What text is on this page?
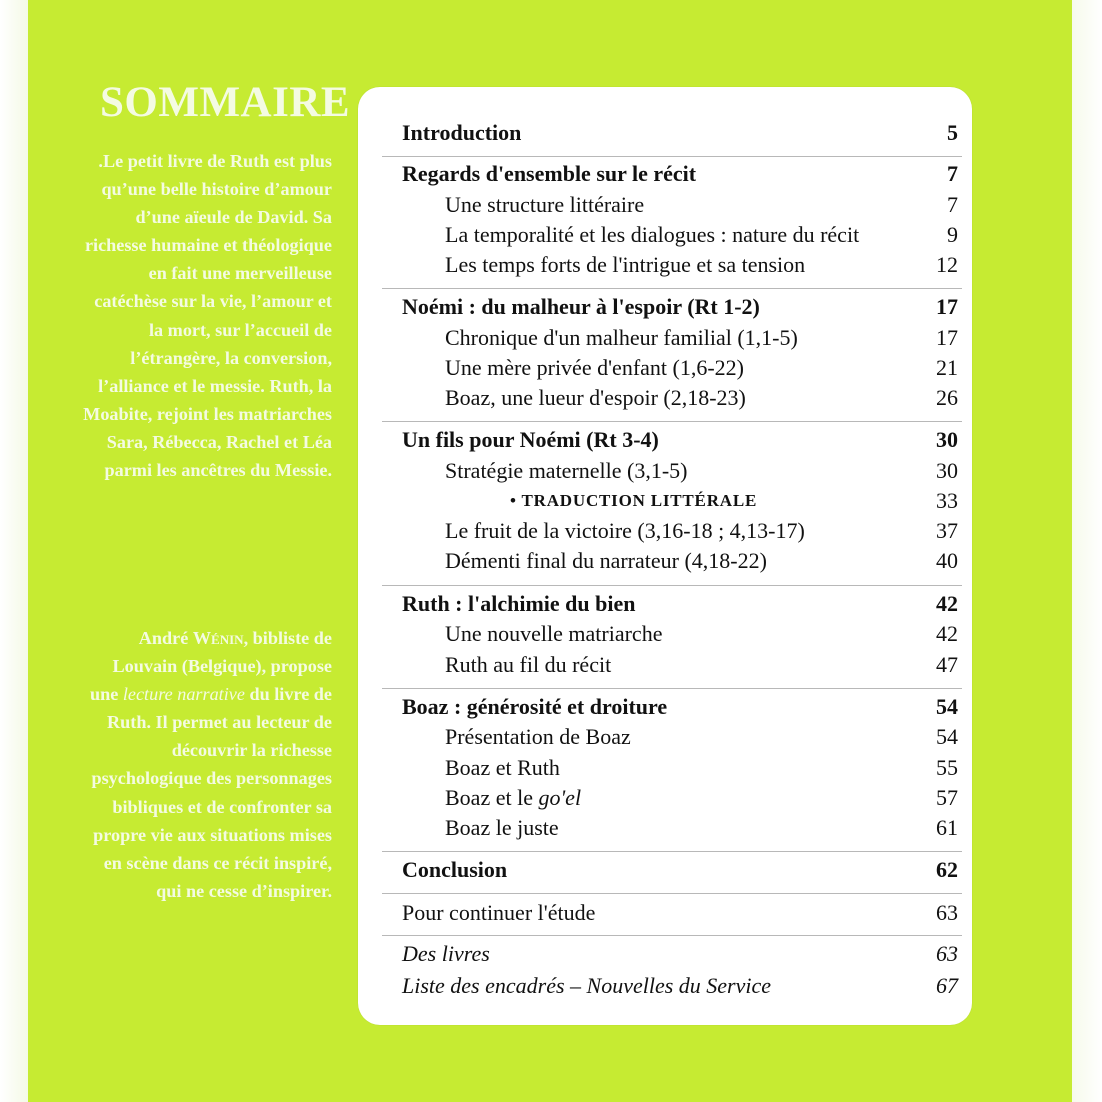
SOMMAIRE

.Le petit livre de Ruth est plus qu’une belle histoire d’amour d’une aïeule de David. Sa richesse humaine et théologique en fait une merveilleuse catéchèse sur la vie, l’amour et la mort, sur l’accueil de l’étrangère, la conversion, l’alliance et le messie. Ruth, la Moabite, rejoint les matriarches Sara, Rébecca, Rachel et Léa parmi les ancêtres du Messie.

André Wénin, bibliste de Louvain (Belgique), propose une lecture narrative du livre de Ruth. Il permet au lecteur de découvrir la richesse psychologique des personnages bibliques et de confronter sa propre vie aux situations mises en scène dans ce récit inspiré, qui ne cesse d’inspirer.

Introduction	5
Regards d'ensemble sur le récit	7
Une structure littéraire	7
La temporalité et les dialogues : nature du récit	9
Les temps forts de l'intrigue et sa tension	12
Noémi : du malheur à l'espoir (Rt 1-2)	17
Chronique d'un malheur familial (1,1-5)	17
Une mère privée d'enfant (1,6-22)	21
Boaz, une lueur d'espoir (2,18-23)	26
Un fils pour Noémi (Rt 3-4)	30
Stratégie maternelle (3,1-5)	30
• TRADUCTION LITTÉRALE	33
Le fruit de la victoire (3,16-18 ; 4,13-17)	37
Démenti final du narrateur (4,18-22)	40
Ruth : l'alchimie du bien	42
Une nouvelle matriarche	42
Ruth au fil du récit	47
Boaz : générosité et droiture	54
Présentation de Boaz	54
Boaz et Ruth	55
Boaz et le go'el	57
Boaz le juste	61
Conclusion	62
Pour continuer l'étude	63
Des livres	63
Liste des encadrés – Nouvelles du Service	67
